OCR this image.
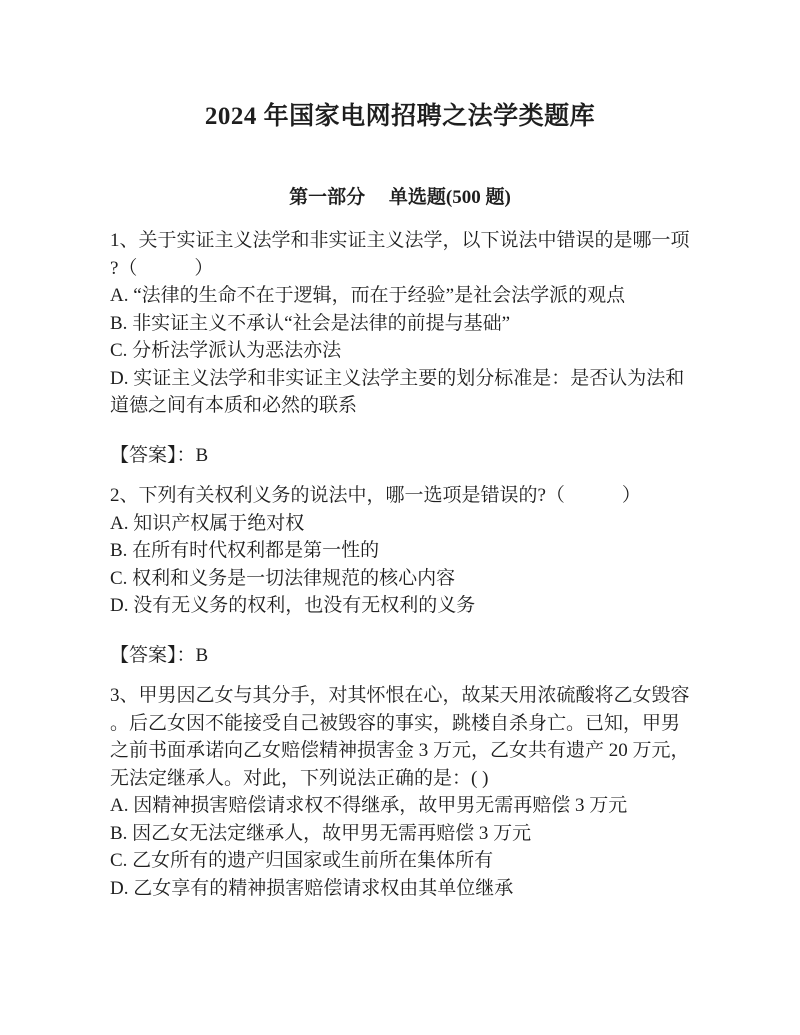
2024 年国家电网招聘之法学类题库
第一部分　 单选题(500 题)

1、关于实证主义法学和非实证主义法学，以下说法中错误的是哪一项
?（　　　）

A. “法律的生命不在于逻辑，而在于经验”是社会法学派的观点

B. 非实证主义不承认“社会是法律的前提与基础”

C. 分析法学派认为恶法亦法

D. 实证主义法学和非实证主义法学主要的划分标准是：是否认为法和
道德之间有本质和必然的联系

【答案】：B

2、下列有关权利义务的说法中，哪一选项是错误的?（　　　）

A. 知识产权属于绝对权

B. 在所有时代权利都是第一性的

C. 权利和义务是一切法律规范的核心内容

D. 没有无义务的权利，也没有无权利的义务

【答案】：B

3、甲男因乙女与其分手，对其怀恨在心，故某天用浓硫酸将乙女毁容
。后乙女因不能接受自己被毁容的事实，跳楼自杀身亡。已知，甲男
之前书面承诺向乙女赔偿精神损害金 3 万元，乙女共有遗产 20 万元，
无法定继承人。对此，下列说法正确的是：( )

A. 因精神损害赔偿请求权不得继承，故甲男无需再赔偿 3 万元

B. 因乙女无法定继承人，故甲男无需再赔偿 3 万元

C. 乙女所有的遗产归国家或生前所在集体所有

D. 乙女享有的精神损害赔偿请求权由其单位继承
